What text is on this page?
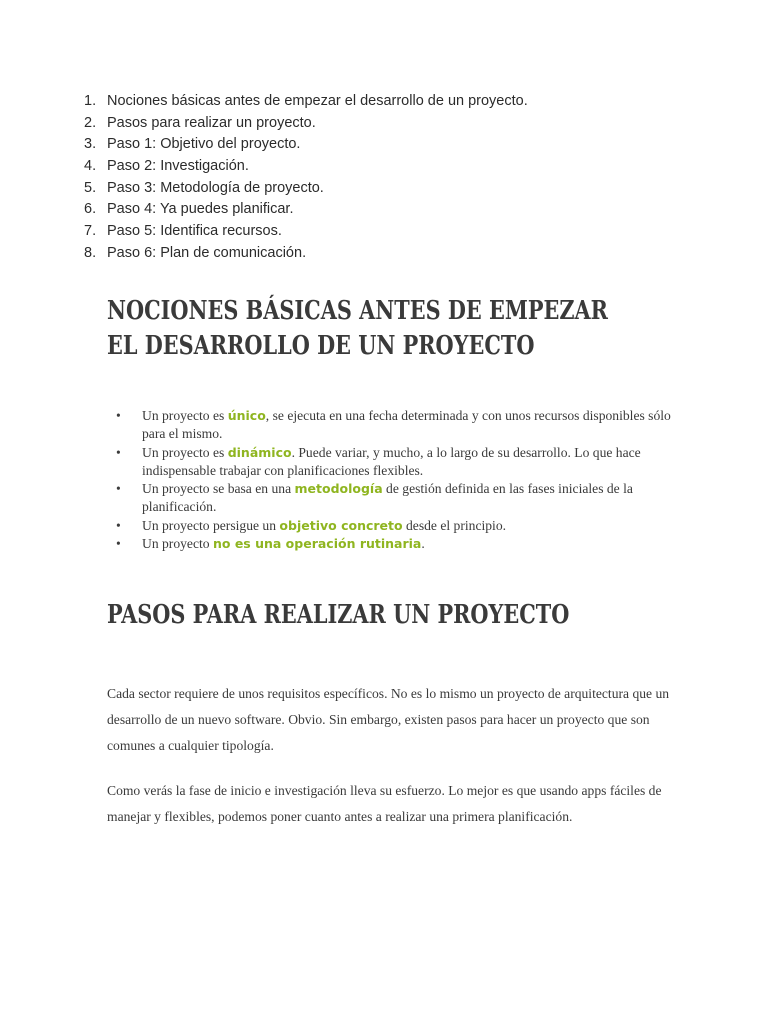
1. Nociones básicas antes de empezar el desarrollo de un proyecto.
2. Pasos para realizar un proyecto.
3. Paso 1: Objetivo del proyecto.
4. Paso 2: Investigación.
5. Paso 3: Metodología de proyecto.
6. Paso 4: Ya puedes planificar.
7. Paso 5: Identifica recursos.
8. Paso 6: Plan de comunicación.
NOCIONES BÁSICAS ANTES DE EMPEZAR
EL DESARROLLO DE UN PROYECTO
•	Un proyecto es único, se ejecuta en una fecha determinada y con unos recursos disponibles sólo para el mismo.
•	Un proyecto es dinámico. Puede variar, y mucho, a lo largo de su desarrollo. Lo que hace indispensable trabajar con planificaciones flexibles.
•	Un proyecto se basa en una metodología de gestión definida en las fases iniciales de la planificación.
•	Un proyecto persigue un objetivo concreto desde el principio.
•	Un proyecto no es una operación rutinaria.
PASOS PARA REALIZAR UN PROYECTO

Cada sector requiere de unos requisitos específicos. No es lo mismo un proyecto de arquitectura que un desarrollo de un nuevo software. Obvio. Sin embargo, existen pasos para hacer un proyecto que son comunes a cualquier tipología.

Como verás la fase de inicio e investigación lleva su esfuerzo. Lo mejor es que usando apps fáciles de manejar y flexibles, podemos poner cuanto antes a realizar una primera planificación.
